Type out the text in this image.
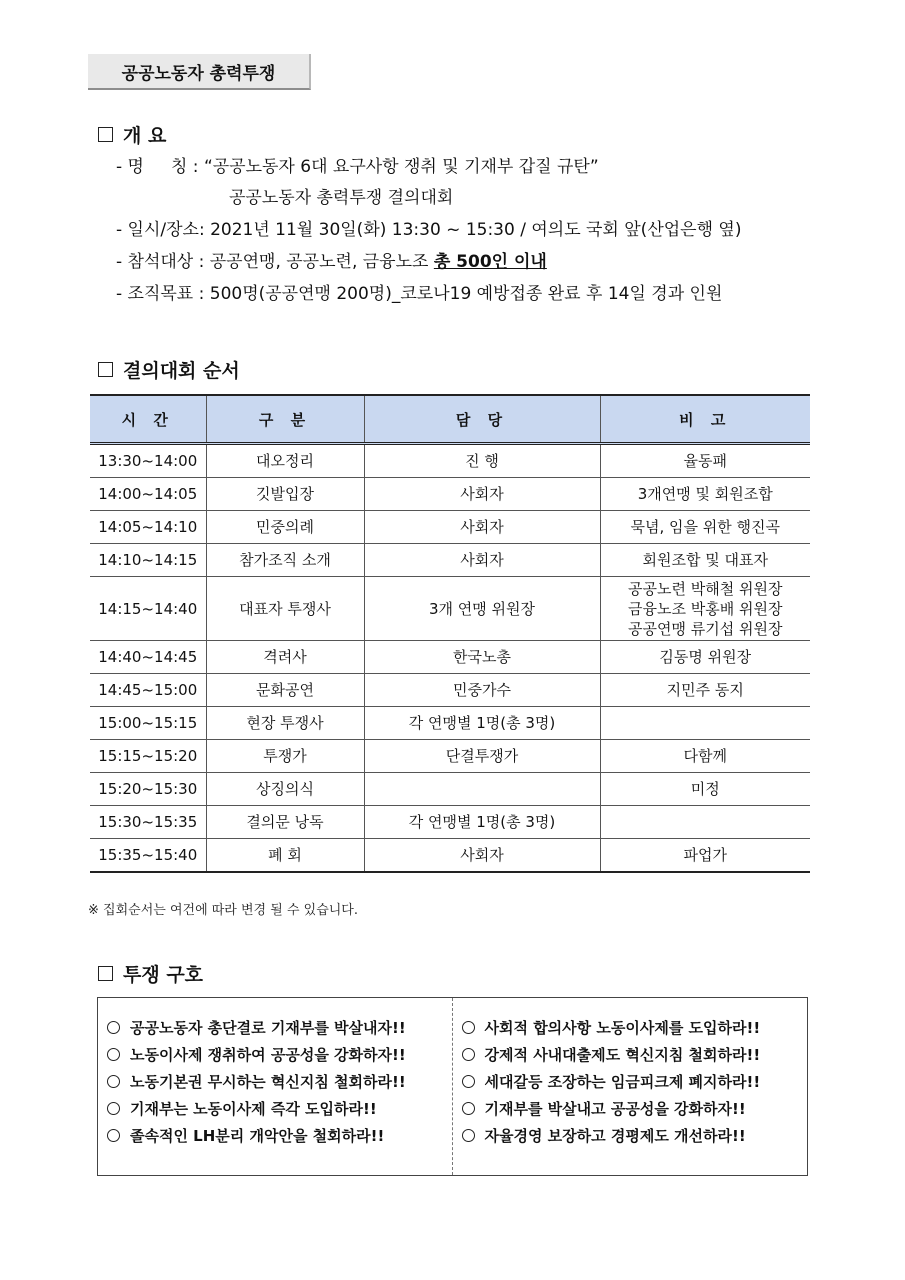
공공노동자 총력투쟁
개 요
- 명     칭 : “공공노동자 6대 요구사항 쟁취 및 기재부 갑질 규탄”
공공노동자 총력투쟁 결의대회
- 일시/장소: 2021년 11월 30일(화) 13:30 ~ 15:30 / 여의도 국회 앞(산업은행 옆)
- 참석대상 : 공공연맹, 공공노련, 금융노조 총 500인 이내
- 조직목표 : 500명(공공연맹 200명)_코로나19 예방접종 완료 후 14일 경과 인원
결의대회 순서
시 간	구 분	담 당	비 고
13:30~14:00	대오정리	진 행	율동패
14:00~14:05	깃발입장	사회자	3개연맹 및 회원조합
14:05~14:10	민중의례	사회자	묵념, 임을 위한 행진곡
14:10~14:15	참가조직 소개	사회자	회원조합 및 대표자
14:15~14:40	대표자 투쟁사	3개 연맹 위원장	공공노련 박해철 위원장
금융노조 박홍배 위원장
공공연맹 류기섭 위원장
14:40~14:45	격려사	한국노총	김동명 위원장
14:45~15:00	문화공연	민중가수	지민주 동지
15:00~15:15	현장 투쟁사	각 연맹별 1명(총 3명)	
15:15~15:20	투쟁가	단결투쟁가	다함께
15:20~15:30	상징의식		미정
15:30~15:35	결의문 낭독	각 연맹별 1명(총 3명)	
15:35~15:40	폐 회	사회자	파업가
※ 집회순서는 여건에 따라 변경 될 수 있습니다.
투쟁 구호
공공노동자 총단결로 기재부를 박살내자!!
노동이사제 쟁취하여 공공성을 강화하자!!
노동기본권 무시하는 혁신지침 철회하라!!
기재부는 노동이사제 즉각 도입하라!!
졸속적인 LH분리 개악안을 철회하라!!
사회적 합의사항 노동이사제를 도입하라!!
강제적 사내대출제도 혁신지침 철회하라!!
세대갈등 조장하는 임금피크제 폐지하라!!
기재부를 박살내고 공공성을 강화하자!!
자율경영 보장하고 경평제도 개선하라!!
